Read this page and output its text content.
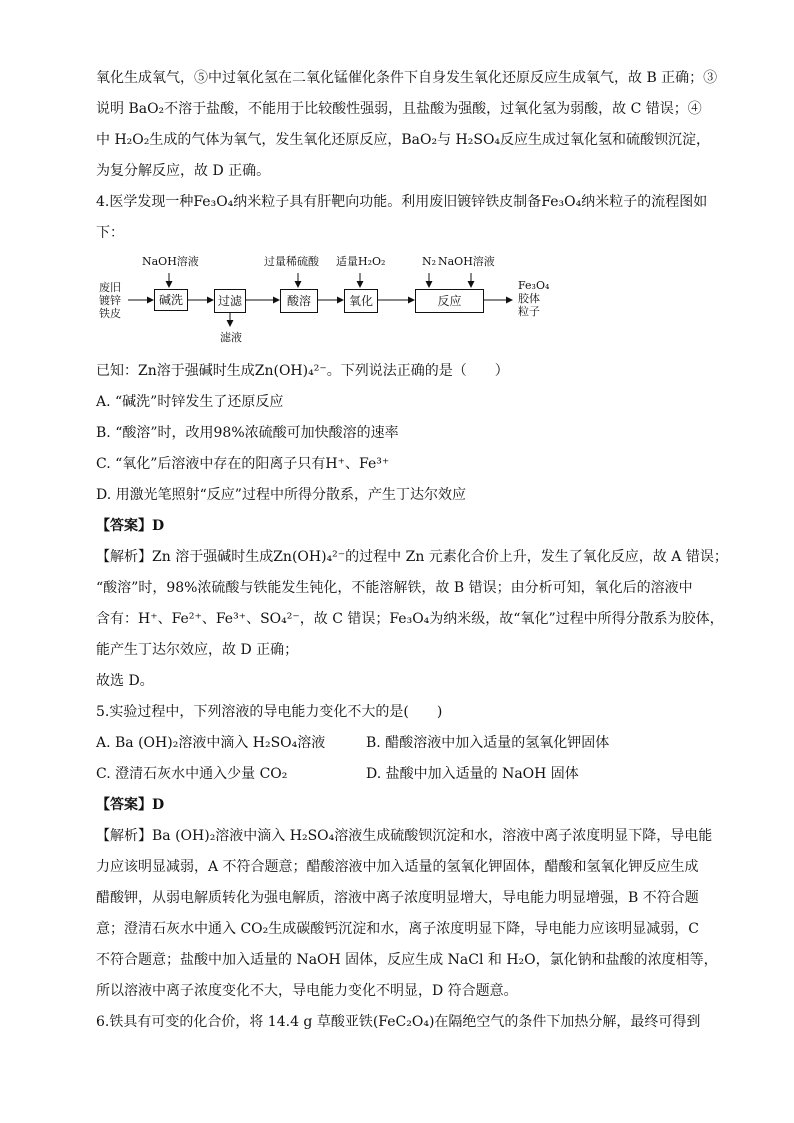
氧化生成氧气，⑤中过氧化氢在二氧化锰催化条件下自身发生氧化还原反应生成氧气，故 B 正确；③
说明 BaO₂不溶于盐酸，不能用于比较酸性强弱，且盐酸为强酸，过氧化氢为弱酸，故 C 错误；④
中 H₂O₂生成的气体为氧气，发生氧化还原反应，BaO₂与 H₂SO₄反应生成过氧化氢和硫酸钡沉淀，
为复分解反应，故 D 正确。
4.医学发现一种Fe₃O₄纳米粒子具有肝靶向功能。利用废旧镀锌铁皮制备Fe₃O₄纳米粒子的流程图如
下：
NaOH溶液	过量稀硫酸 适量H₂O₂	N₂ NaOH溶液
废旧
镀锌
铁皮
碱洗	过滤	酸溶	氧化	反应
滤液
Fe₃O₄
胶体
粒子
已知：Zn溶于强碱时生成Zn(OH)₄²⁻。下列说法正确的是（　　）
A. “碱洗”时锌发生了还原反应
B. “酸溶”时，改用98%浓硫酸可加快酸溶的速率
C. “氧化”后溶液中存在的阳离子只有H⁺、Fe³⁺
D. 用激光笔照射“反应”过程中所得分散系，产生丁达尔效应
【答案】D
【解析】Zn 溶于强碱时生成Zn(OH)₄²⁻的过程中 Zn 元素化合价上升，发生了氧化反应，故 A 错误；
“酸溶”时，98%浓硫酸与铁能发生钝化，不能溶解铁，故 B 错误；由分析可知，氧化后的溶液中
含有：H⁺、Fe²⁺、Fe³⁺、SO₄²⁻，故 C 错误；Fe₃O₄为纳米级，故“氧化”过程中所得分散系为胶体，
能产生丁达尔效应，故 D 正确；
故选 D。
5.实验过程中，下列溶液的导电能力变化不大的是(　　)
A. Ba (OH)₂溶液中滴入 H₂SO₄溶液	B. 醋酸溶液中加入适量的氢氧化钾固体
C. 澄清石灰水中通入少量 CO₂	D. 盐酸中加入适量的 NaOH 固体
【答案】D
【解析】Ba (OH)₂溶液中滴入 H₂SO₄溶液生成硫酸钡沉淀和水，溶液中离子浓度明显下降，导电能
力应该明显减弱，A 不符合题意；醋酸溶液中加入适量的氢氧化钾固体，醋酸和氢氧化钾反应生成
醋酸钾，从弱电解质转化为强电解质，溶液中离子浓度明显增大，导电能力明显增强，B 不符合题
意；澄清石灰水中通入 CO₂生成碳酸钙沉淀和水，离子浓度明显下降，导电能力应该明显减弱，C
不符合题意；盐酸中加入适量的 NaOH 固体，反应生成 NaCl 和 H₂O，氯化钠和盐酸的浓度相等，
所以溶液中离子浓度变化不大，导电能力变化不明显，D 符合题意。
6.铁具有可变的化合价，将 14.4 g 草酸亚铁(FeC₂O₄)在隔绝空气的条件下加热分解，最终可得到
